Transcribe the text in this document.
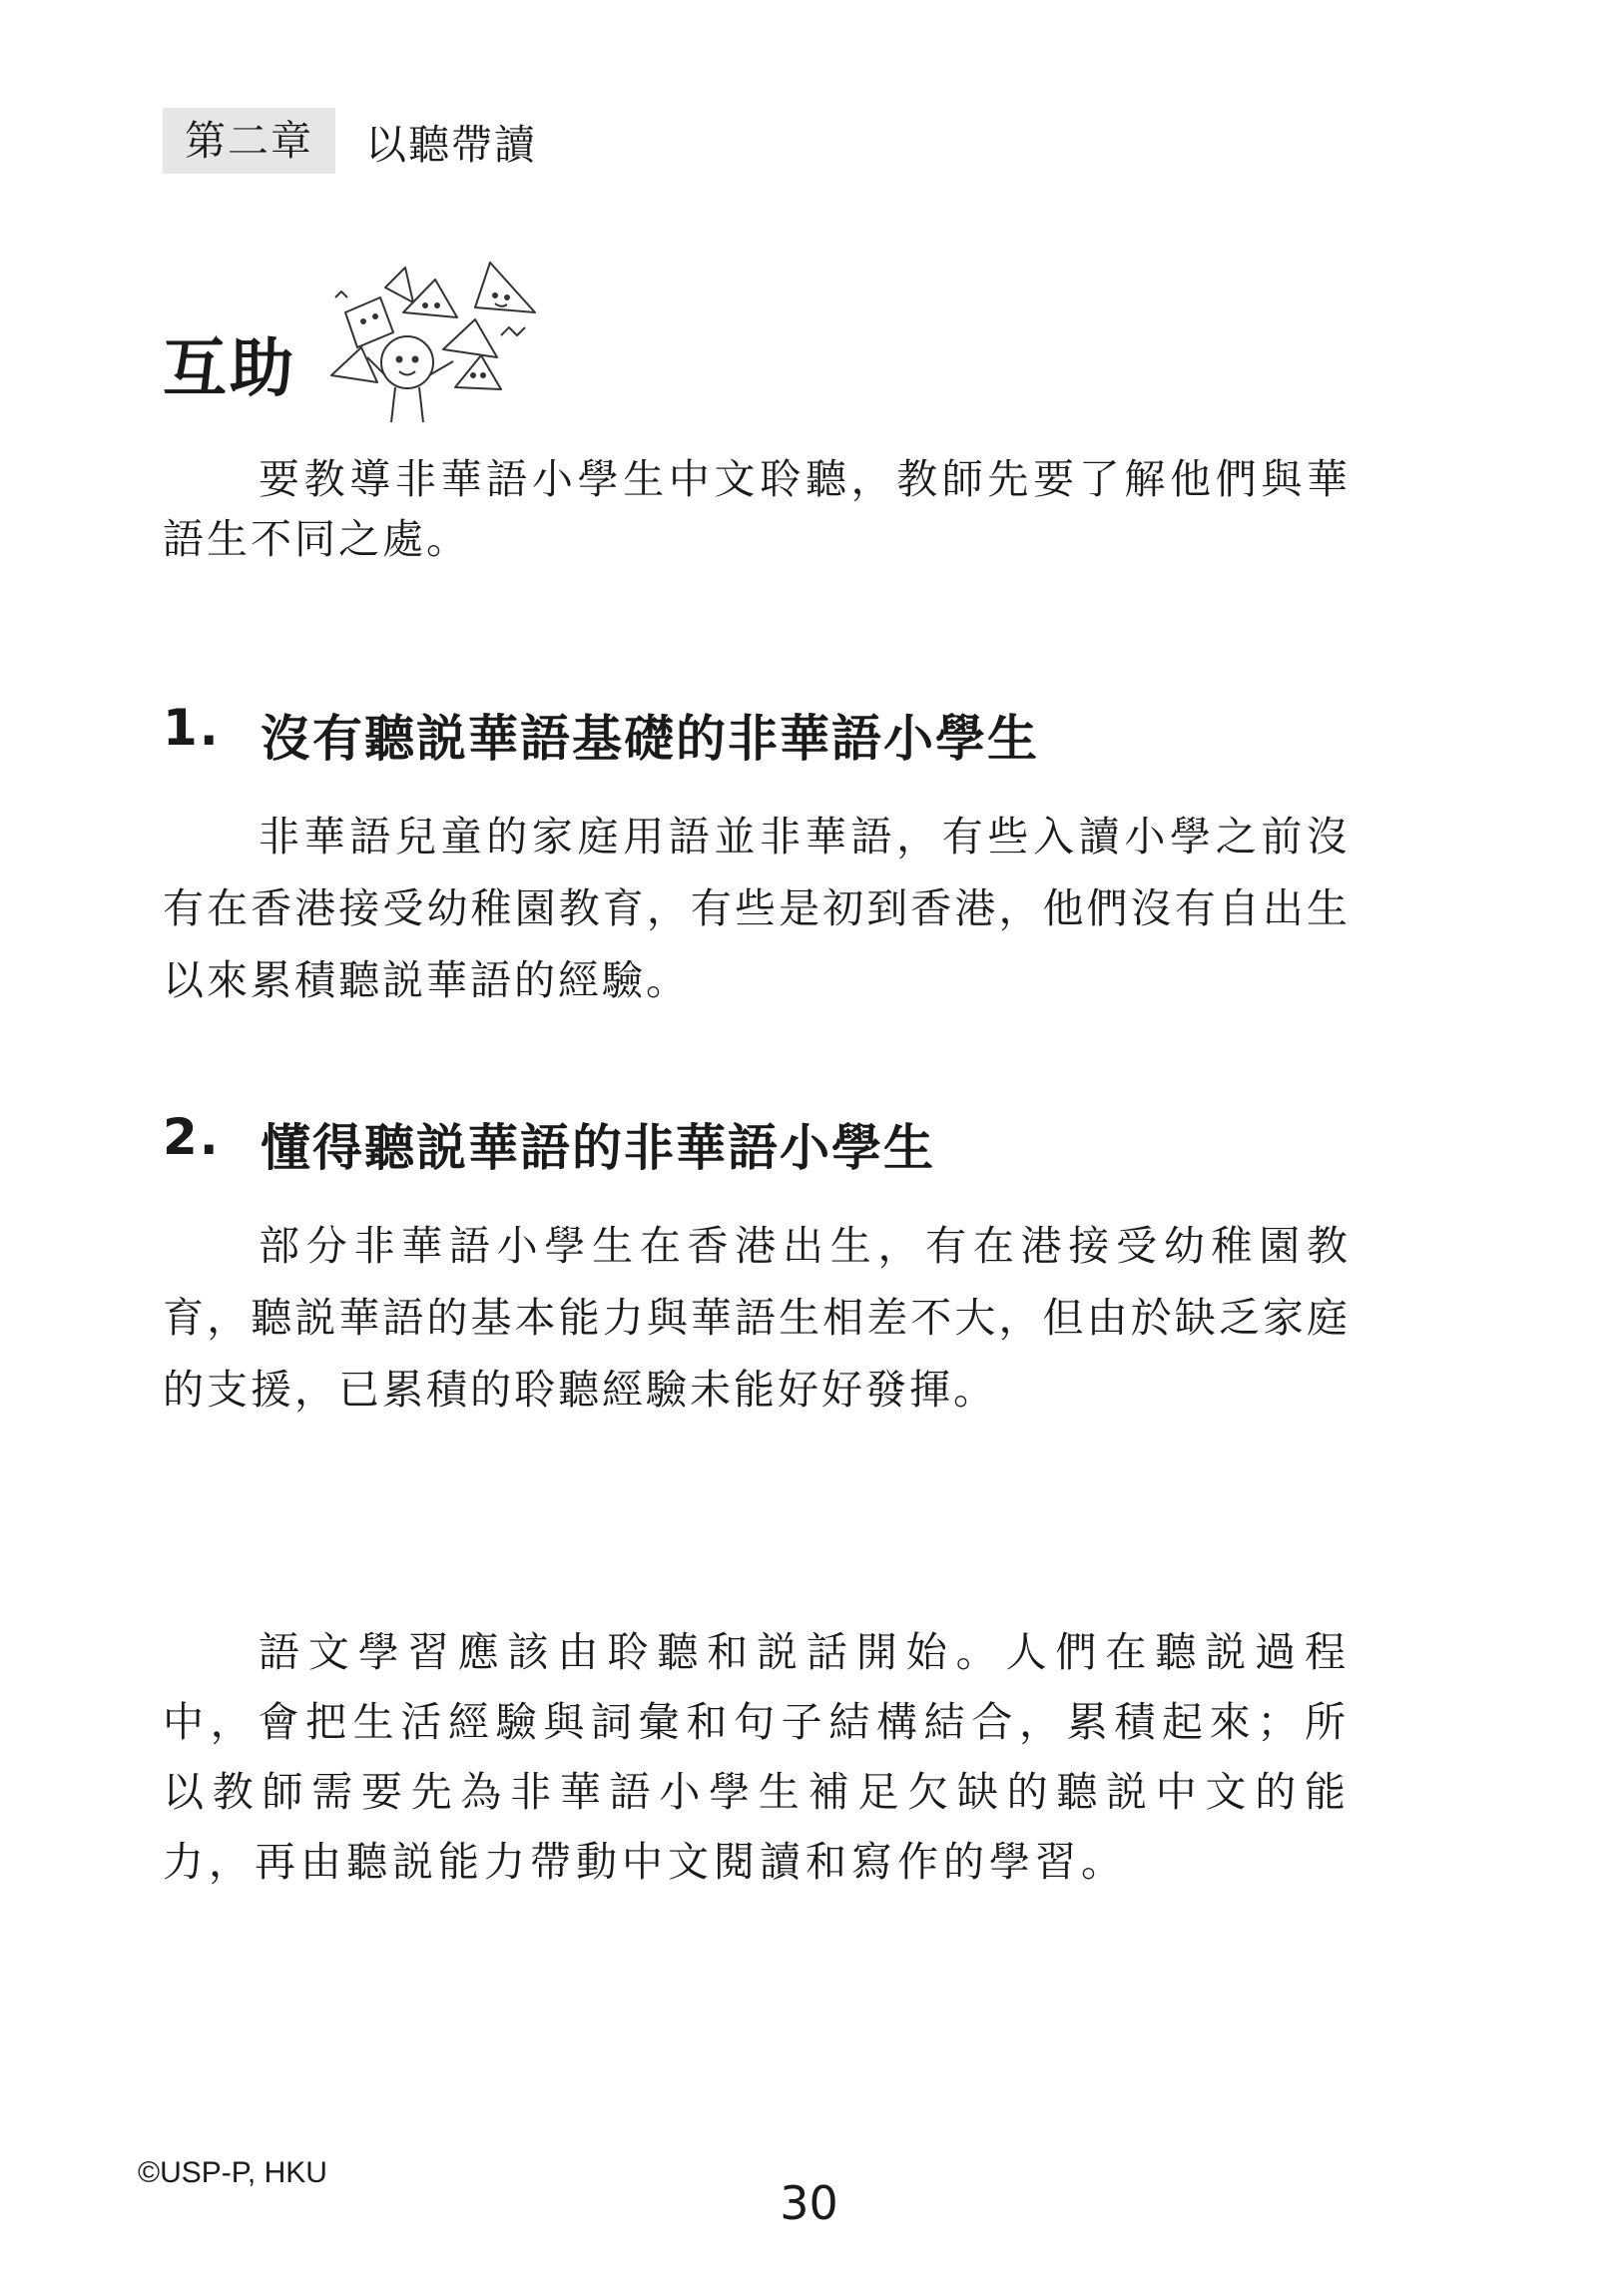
第二章	以聽帶讀
互助

要教導非華語小學生中文聆聽，教師先要了解他們與華語生不同之處。

1. 沒有聽説華語基礎的非華語小學生

非華語兒童的家庭用語並非華語，有些入讀小學之前沒有在香港接受幼稚園教育，有些是初到香港，他們沒有自出生以來累積聽説華語的經驗。

2. 懂得聽説華語的非華語小學生

部分非華語小學生在香港出生，有在港接受幼稚園教育，聽説華語的基本能力與華語生相差不大，但由於缺乏家庭的支援，已累積的聆聽經驗未能好好發揮。

語文學習應該由聆聽和説話開始。人們在聽説過程中，會把生活經驗與詞彙和句子結構結合，累積起來；所以教師需要先為非華語小學生補足欠缺的聽説中文的能力，再由聽説能力帶動中文閱讀和寫作的學習。

©USP-P, HKU
30
